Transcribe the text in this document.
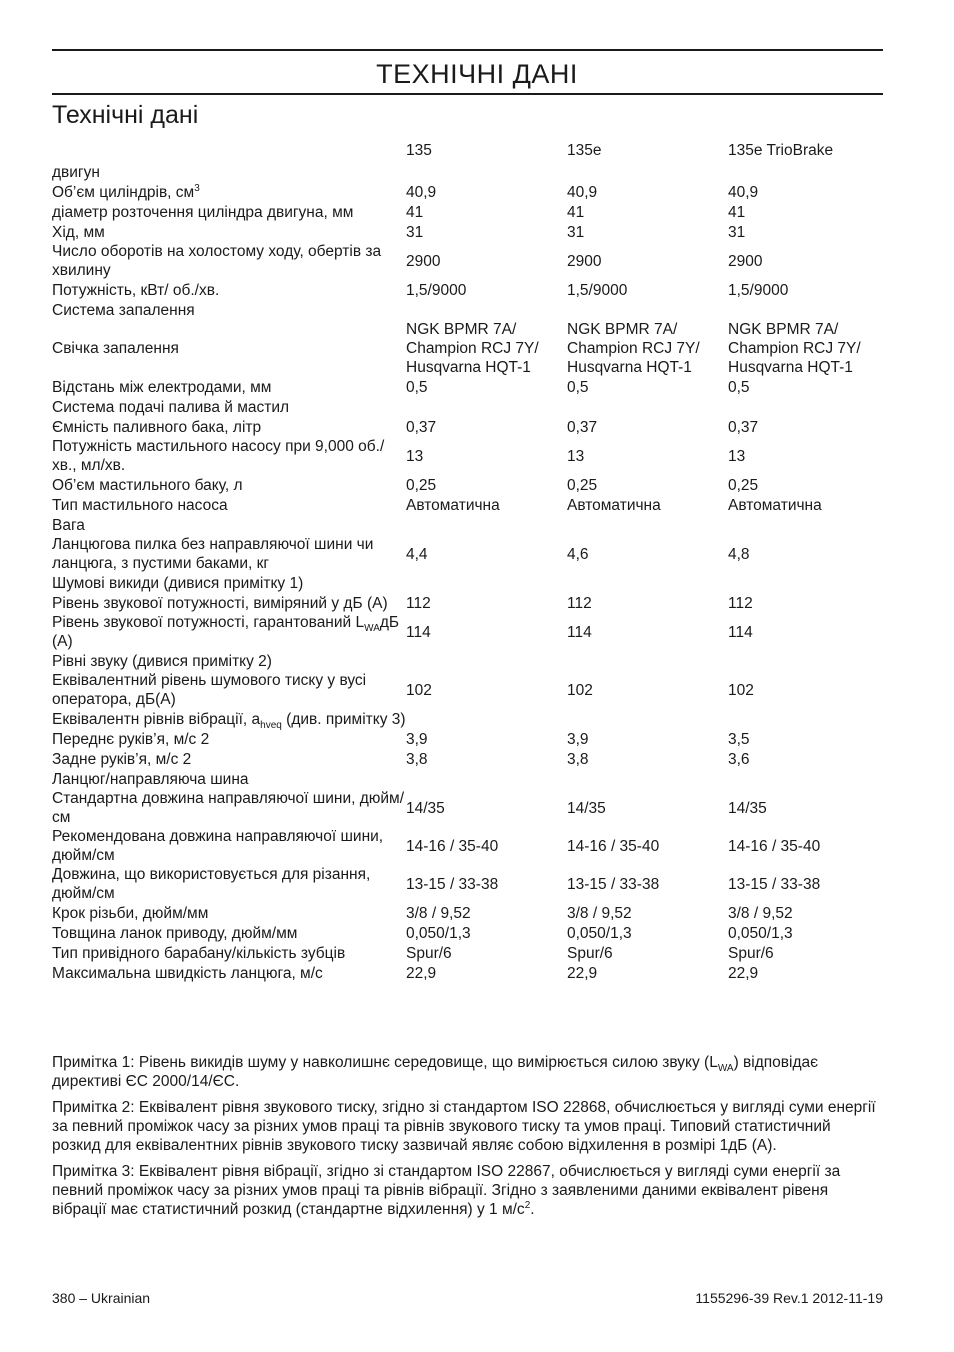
ТЕХНІЧНІ ДАНІ
Технічні дані
	135	135e	135e TrioBrake
двигун			
Об’єм циліндрів, $см^3$	40,9	40,9	40,9
діаметр розточення циліндра двигуна, мм	41	41	41
Хід, мм	31	31	31
Число оборотів на холостому ходу, обертів за хвилину	2900	2900	2900
Потужність, кВт/ об./хв.	1,5/9000	1,5/9000	1,5/9000
Система запалення			
Свічка запалення	NGK BPMR 7A/ Champion RCJ 7Y/ Husqvarna HQT-1	NGK BPMR 7A/ Champion RCJ 7Y/ Husqvarna HQT-1	NGK BPMR 7A/ Champion RCJ 7Y/ Husqvarna HQT-1
Відстань між електродами, мм	0,5	0,5	0,5
Система подачі палива й мастил			
Ємність паливного бака, літр	0,37	0,37	0,37
Потужність мастильного насосу при 9,000 об./хв., мл/хв.	13	13	13
Об’єм мастильного баку, л	0,25	0,25	0,25
Тип мастильного насоса	Автоматична	Автоматична	Автоматична
Вага			
Ланцюгова пилка без направляючої шини чи ланцюга, з пустими баками, кг	4,4	4,6	4,8
Шумові викиди (дивися примітку 1)			
Рівень звукової потужності, виміряний у дБ (A)	112	112	112
Рівень звукової потужності, гарантований $L_{WA}дБ$ (A)	114	114	114
Рівні звуку (дивися примітку 2)			
Еквівалентний рівень шумового тиску у вусі оператора, дБ(A)	102	102	102
Еквівалентн рівнів вібрації, $a_{hveq}$ (див. примітку 3)			
Переднє руків’я, м/с 2	3,9	3,9	3,5
Задне руків’я, м/с 2	3,8	3,8	3,6
Ланцюг/направляюча шина			
Стандартна довжина направляючої шини, дюйм/см	14/35	14/35	14/35
Рекомендована довжина направляючої шини, дюйм/см	14-16 / 35-40	14-16 / 35-40	14-16 / 35-40
Довжина, що використовується для різання, дюйм/см	13-15 / 33-38	13-15 / 33-38	13-15 / 33-38
Крок різьби, дюйм/мм	3/8 / 9,52	3/8 / 9,52	3/8 / 9,52
Товщина ланок приводу, дюйм/мм	0,050/1,3	0,050/1,3	0,050/1,3
Тип привідного барабану/кількість зубців	Spur/6	Spur/6	Spur/6
Максимальна швидкість ланцюга, м/с	22,9	22,9	22,9

Примітка 1: Рівень викидів шуму у навколишнє середовище, що вимірюється силою звуку $(L_{WA})$ відповідає директиві ЄС 2000/14/ЄС.

Примітка 2: Еквівалент рівня звукового тиску, згідно зі стандартом ISO 22868, обчислюється у вигляді суми енергії за певний проміжок часу за різних умов праці та рівнів звукового тиску та умов праці. Типовий статистичний розкид для еквівалентних рівнів звукового тиску зазвичай являє собою відхилення в розмірі 1дБ (A).

Примітка 3: Еквівалент рівня вібрації, згідно зі стандартом ISO 22867, обчислюється у вигляді суми енергії за певний проміжок часу за різних умов праці та рівнів вібрації. Згідно з заявленими даними еквівалент рівеня вібрації має статистичний розкид (стандартне відхилення) у 1 $м/с^2$.

380 – Ukrainian	1155296-39 Rev.1 2012-11-19
